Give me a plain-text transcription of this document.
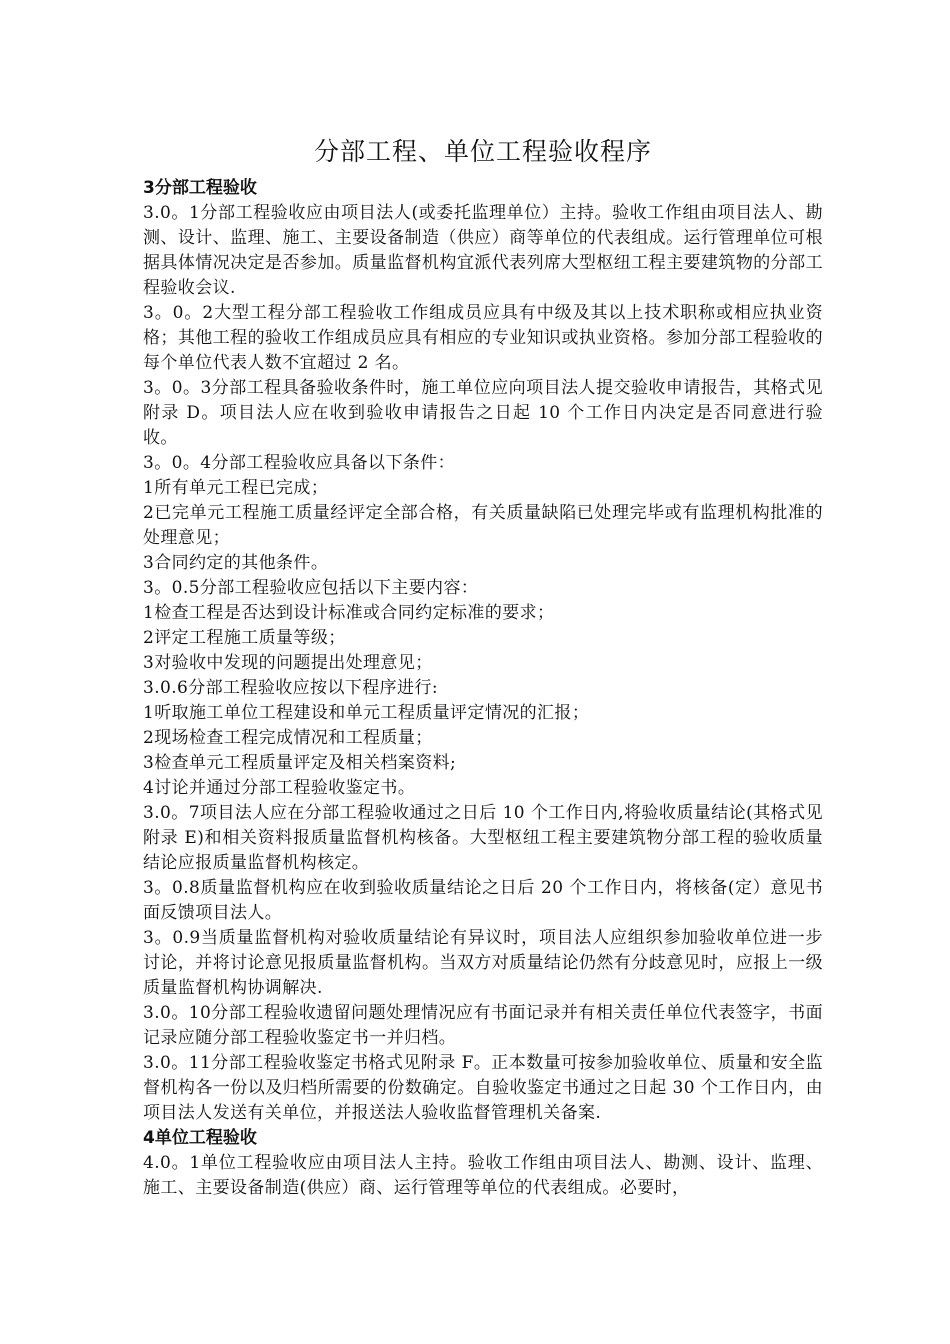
分部工程、单位工程验收程序

3分部工程验收

3.0。1分部工程验收应由项目法人(或委托监理单位）主持。验收工作组由项目法人、勘测、设计、监理、施工、主要设备制造（供应）商等单位的代表组成。运行管理单位可根据具体情况决定是否参加。质量监督机构宜派代表列席大型枢纽工程主要建筑物的分部工程验收会议.

3。0。2大型工程分部工程验收工作组成员应具有中级及其以上技术职称或相应执业资格；其他工程的验收工作组成员应具有相应的专业知识或执业资格。参加分部工程验收的每个单位代表人数不宜超过 2 名。

3。0。3分部工程具备验收条件时，施工单位应向项目法人提交验收申请报告，其格式见附录 D。项目法人应在收到验收申请报告之日起 10 个工作日内决定是否同意进行验收。

3。0。4分部工程验收应具备以下条件：

1所有单元工程已完成；

2已完单元工程施工质量经评定全部合格，有关质量缺陷已处理完毕或有监理机构批准的处理意见；

3合同约定的其他条件。

3。0.5分部工程验收应包括以下主要内容：

1检查工程是否达到设计标准或合同约定标准的要求；

2评定工程施工质量等级；

3对验收中发现的问题提出处理意见；

3.0.6分部工程验收应按以下程序进行:

1听取施工单位工程建设和单元工程质量评定情况的汇报；

2现场检查工程完成情况和工程质量；

3检查单元工程质量评定及相关档案资料;

4讨论并通过分部工程验收鉴定书。

3.0。7项目法人应在分部工程验收通过之日后 10 个工作日内,将验收质量结论(其格式见附录 E)和相关资料报质量监督机构核备。大型枢纽工程主要建筑物分部工程的验收质量结论应报质量监督机构核定。

3。0.8质量监督机构应在收到验收质量结论之日后 20 个工作日内，将核备(定）意见书面反馈项目法人。

3。0.9当质量监督机构对验收质量结论有异议时，项目法人应组织参加验收单位进一步讨论，并将讨论意见报质量监督机构。当双方对质量结论仍然有分歧意见时，应报上一级质量监督机构协调解决.

3.0。10分部工程验收遗留问题处理情况应有书面记录并有相关责任单位代表签字，书面记录应随分部工程验收鉴定书一并归档。

3.0。11分部工程验收鉴定书格式见附录 F。正本数量可按参加验收单位、质量和安全监督机构各一份以及归档所需要的份数确定。自验收鉴定书通过之日起 30 个工作日内，由项目法人发送有关单位，并报送法人验收监督管理机关备案.

4单位工程验收

4.0。1单位工程验收应由项目法人主持。验收工作组由项目法人、勘测、设计、监理、施工、主要设备制造(供应）商、运行管理等单位的代表组成。必要时，
